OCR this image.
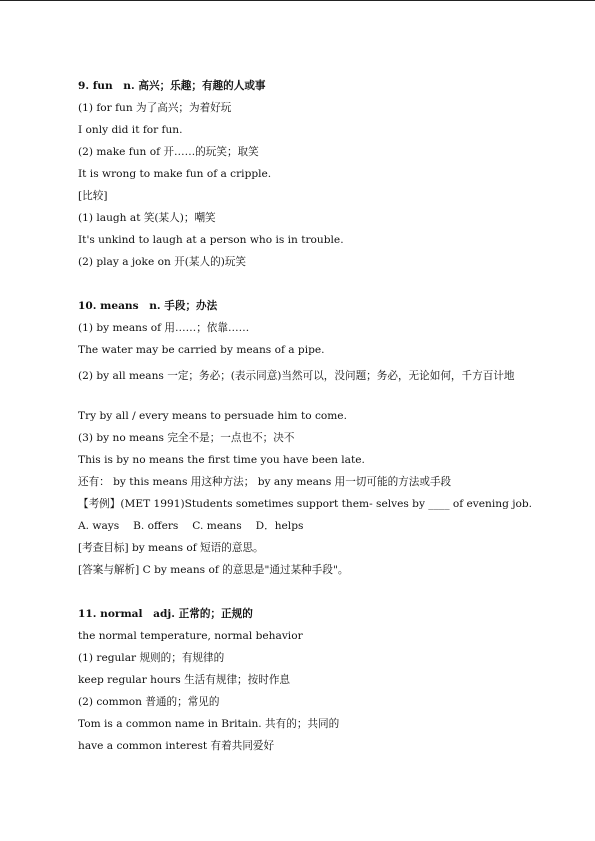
9. fun　n. 高兴；乐趣；有趣的人或事
(1) for fun 为了高兴；为着好玩
I only did it for fun.
(2) make fun of 开……的玩笑；取笑
It is wrong to make fun of a cripple.
[比较]
(1) laugh at 笑(某人)；嘲笑
It's unkind to laugh at a person who is in trouble.
(2) play a joke on 开(某人的)玩笑
10. means　n. 手段；办法
(1) by means of 用……；依靠……
The water may be carried by means of a pipe.
(2) by all means 一定；务必；(表示同意)当然可以，没问题；务必，无论如何，千方百计地
Try by all / every means to persuade him to come.
(3) by no means 完全不是；一点也不；决不
This is by no means the first time you have been late.
还有： by this means 用这种方法； by any means 用一切可能的方法或手段
【考例】(MET 1991)Students sometimes support them- selves by ____ of evening job.
A. ways　 B. offers　 C. means　 D．helps
[考查目标] by means of 短语的意思。
[答案与解析] C by means of 的意思是"通过某种手段"。
11. normal　adj. 正常的；正规的
the normal temperature, normal behavior
(1) regular 规则的；有规律的
keep regular hours 生活有规律；按时作息
(2) common 普通的；常见的
Tom is a common name in Britain. 共有的；共同的
have a common interest 有着共同爱好
